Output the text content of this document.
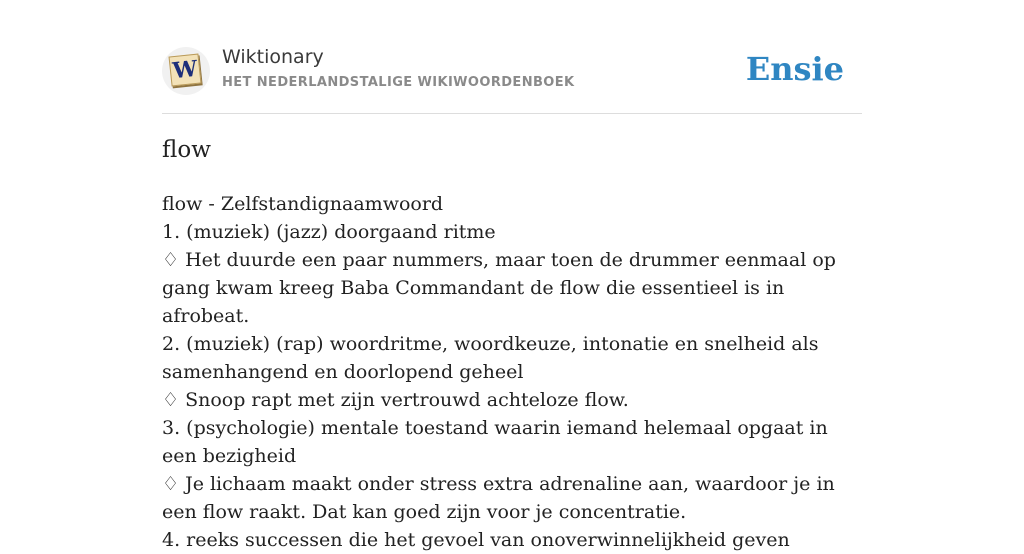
W Wiktionary
HET NEDERLANDSTALIGE WIKIWOORDENBOEK	Ensie
flow

flow - Zelfstandignaamwoord

1. (muziek) (jazz) doorgaand ritme

♢ Het duurde een paar nummers, maar toen de drummer eenmaal op gang kwam kreeg Baba Commandant de flow die essentieel is in afrobeat.

2. (muziek) (rap) woordritme, woordkeuze, intonatie en snelheid als samenhangend en doorlopend geheel

♢ Snoop rapt met zijn vertrouwd achteloze flow.

3. (psychologie) mentale toestand waarin iemand helemaal opgaat in een bezigheid

♢ Je lichaam maakt onder stress extra adrenaline aan, waardoor je in een flow raakt. Dat kan goed zijn voor je concentratie.

4. reeks successen die het gevoel van onoverwinnelijkheid geven
